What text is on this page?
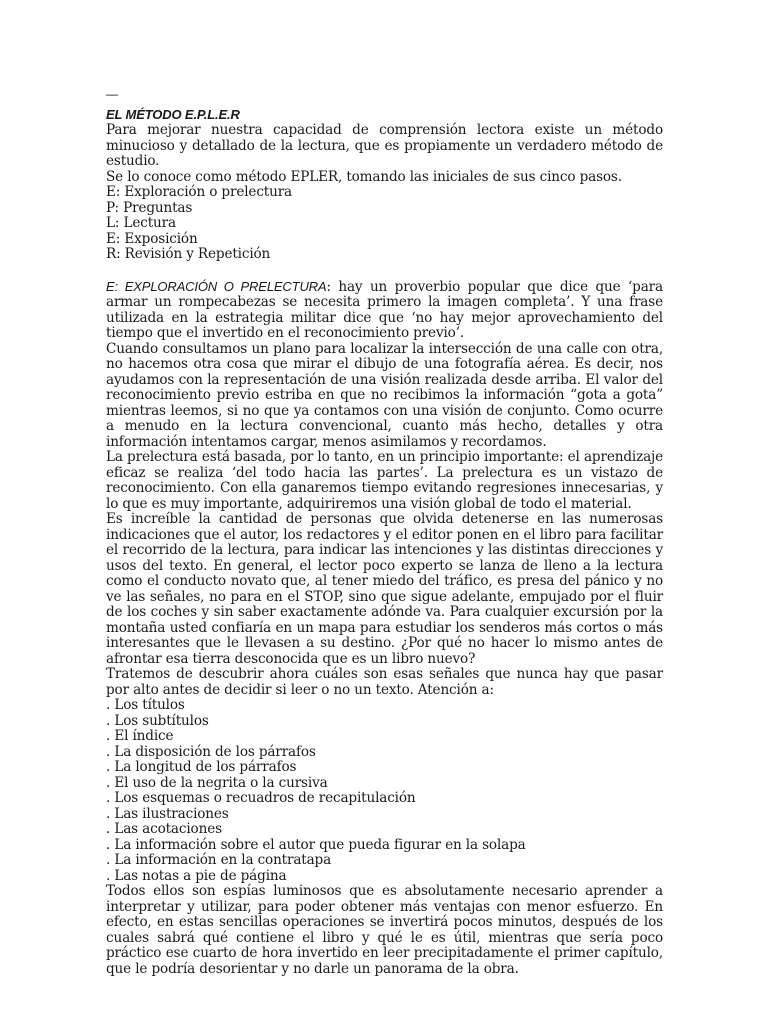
—

EL MÉTODO E.P.L.E.R

Para mejorar nuestra capacidad de comprensión lectora existe un método minucioso y detallado de la lectura, que es propiamente un verdadero método de estudio.

Se lo conoce como método EPLER, tomando las iniciales de sus cinco pasos.

E: Exploración o prelectura

P: Preguntas

L: Lectura

E: Exposición

R: Revisión y Repetición

E: EXPLORACIÓN O PRELECTURA: hay un proverbio popular que dice que ‘para armar un rompecabezas se necesita primero la imagen completa’. Y una frase utilizada en la estrategia militar dice que ‘no hay mejor aprovechamiento del tiempo que el invertido en el reconocimiento previo’.

Cuando consultamos un plano para localizar la intersección de una calle con otra, no hacemos otra cosa que mirar el dibujo de una fotografía aérea. Es decir, nos ayudamos con la representación de una visión realizada desde arriba. El valor del reconocimiento previo estriba en que no recibimos la información “gota a gota” mientras leemos, si no que ya contamos con una visión de conjunto. Como ocurre a menudo en la lectura convencional, cuanto más hecho, detalles y otra información intentamos cargar, menos asimilamos y recordamos.

La prelectura está basada, por lo tanto, en un principio importante: el aprendizaje eficaz se realiza ‘del todo hacia las partes’. La prelectura es un vistazo de reconocimiento. Con ella ganaremos tiempo evitando regresiones innecesarias, y lo que es muy importante, adquiriremos una visión global de todo el material.

Es increíble la cantidad de personas que olvida detenerse en las numerosas indicaciones que el autor, los redactores y el editor ponen en el libro para facilitar el recorrido de la lectura, para indicar las intenciones y las distintas direcciones y usos del texto. En general, el lector poco experto se lanza de lleno a la lectura como el conducto novato que, al tener miedo del tráfico, es presa del pánico y no ve las señales, no para en el STOP, sino que sigue adelante, empujado por el fluir de los coches y sin saber exactamente adónde va. Para cualquier excursión por la montaña usted confiaría en un mapa para estudiar los senderos más cortos o más interesantes que le llevasen a su destino. ¿Por qué no hacer lo mismo antes de afrontar esa tierra desconocida que es un libro nuevo?

Tratemos de descubrir ahora cuáles son esas señales que nunca hay que pasar por alto antes de decidir si leer o no un texto. Atención a:

. Los títulos

. Los subtítulos

. El índice

. La disposición de los párrafos

. La longitud de los párrafos

. El uso de la negrita o la cursiva

. Los esquemas o recuadros de recapitulación

. Las ilustraciones

. Las acotaciones

. La información sobre el autor que pueda figurar en la solapa

. La información en la contratapa

. Las notas a pie de página

Todos ellos son espías luminosos que es absolutamente necesario aprender a interpretar y utilizar, para poder obtener más ventajas con menor esfuerzo. En efecto, en estas sencillas operaciones se invertirá pocos minutos, después de los cuales sabrá qué contiene el libro y qué le es útil, mientras que sería poco práctico ese cuarto de hora invertido en leer precipitadamente el primer capítulo, que le podría desorientar y no darle un panorama de la obra.
